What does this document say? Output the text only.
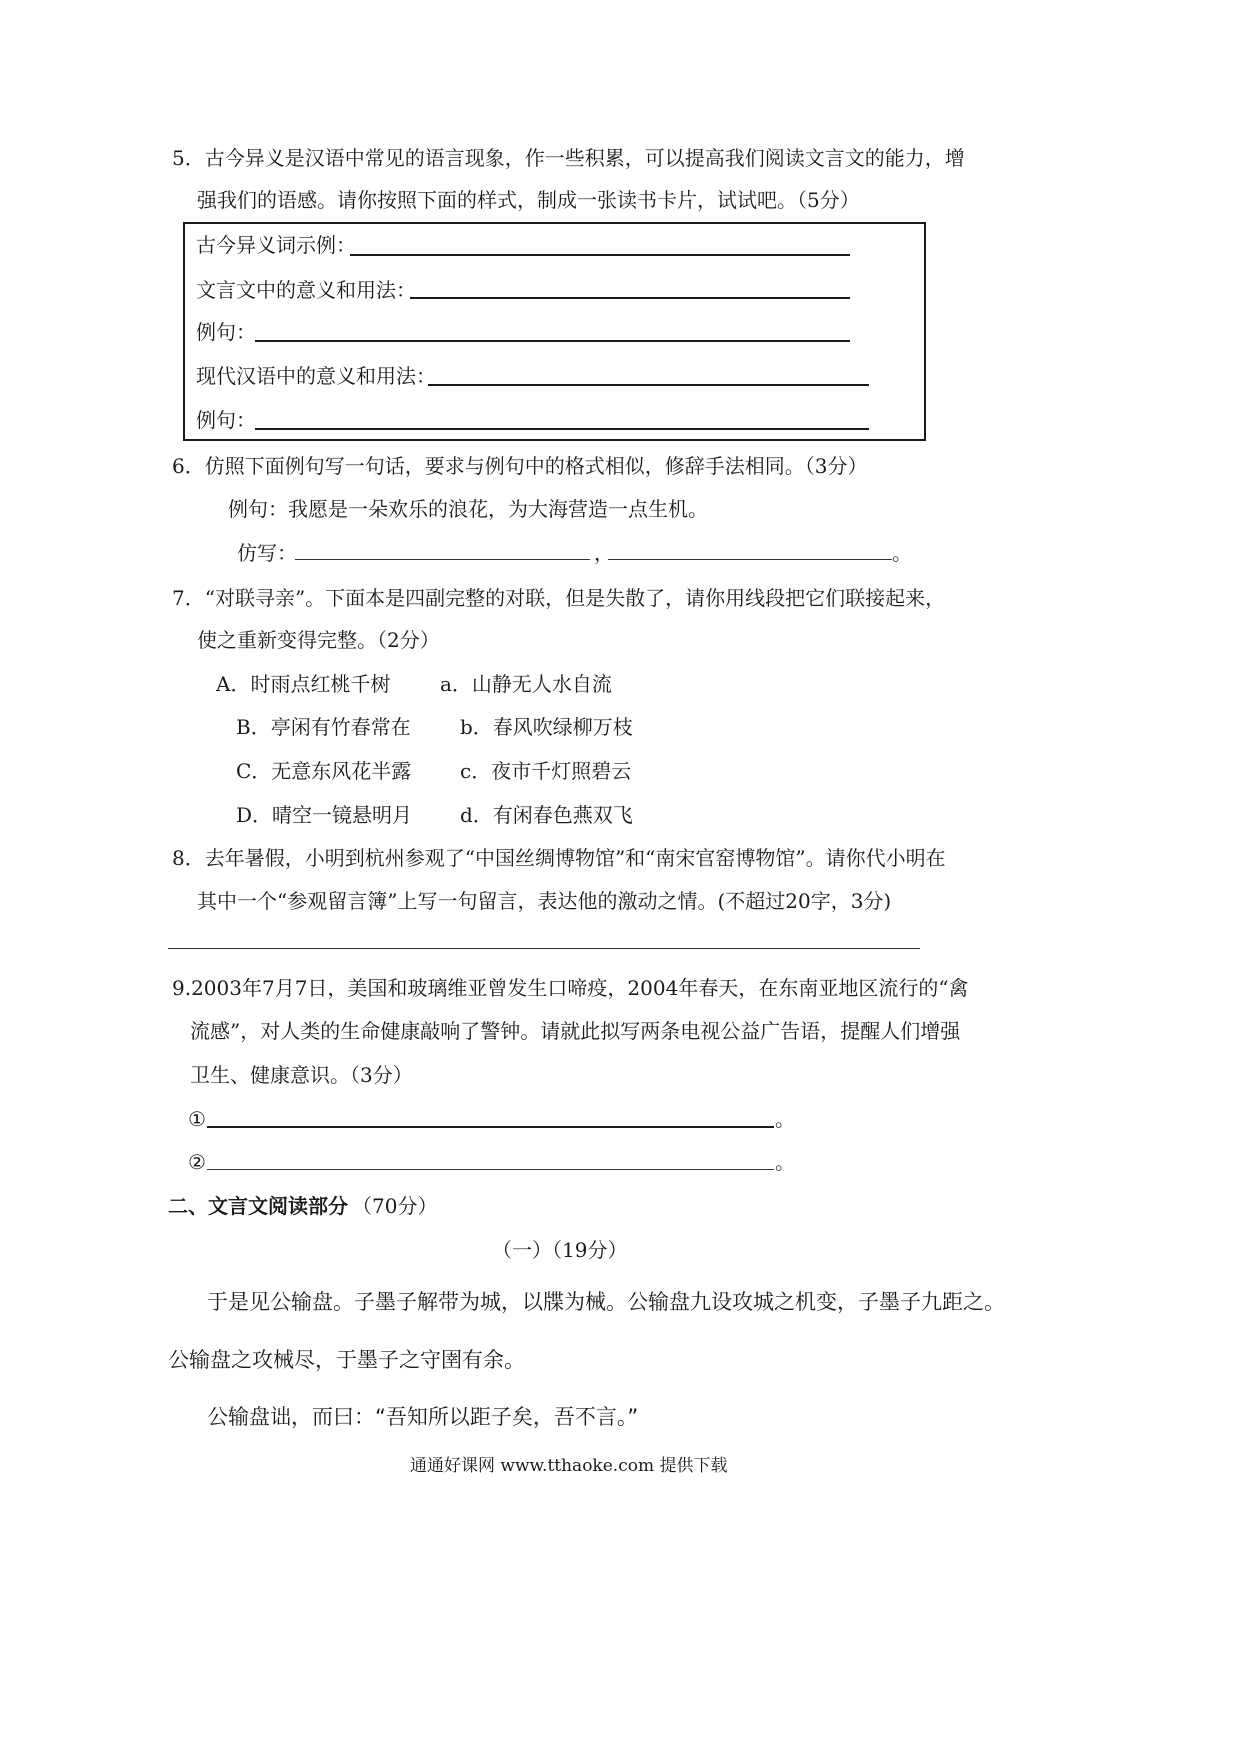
5．古今异义是汉语中常见的语言现象，作一些积累，可以提高我们阅读文言文的能力，增
强我们的语感。请你按照下面的样式，制成一张读书卡片，试试吧。（5分）
古今异义词示例：
文言文中的意义和用法：
例句：
现代汉语中的意义和用法：
例句：
6．仿照下面例句写一句话，要求与例句中的格式相似，修辞手法相同。（3分）
例句：我愿是一朵欢乐的浪花，为大海营造一点生机。
仿写：	，	。
7．“对联寻亲”。下面本是四副完整的对联，但是失散了，请你用线段把它们联接起来，
使之重新变得完整。（2分）
A．时雨点红桃千树 a．山静无人水自流
B．亭闲有竹春常在 b．春风吹绿柳万枝
C．无意东风花半露 c．夜市千灯照碧云
D．晴空一镜悬明月 d．有闲春色燕双飞
8．去年暑假，小明到杭州参观了“中国丝绸博物馆”和“南宋官窑博物馆”。请你代小明在
其中一个“参观留言簿”上写一句留言，表达他的激动之情。(不超过20字，3分)
9.2003年7月7日，美国和玻璃维亚曾发生口啼疫，2004年春天，在东南亚地区流行的“禽
流感”，对人类的生命健康敲响了警钟。请就此拟写两条电视公益广告语，提醒人们增强
卫生、健康意识。（3分）
①	。
②	。
二、文言文阅读部分 （70分）
（一）（19分）
于是见公输盘。子墨子解带为城，以牒为械。公输盘九设攻城之机变，子墨子九距之。
公输盘之攻械尽，于墨子之守圉有余。
公输盘诎，而曰：“吾知所以距子矣，吾不言。”
通通好课网 www.tthaoke.com 提供下载
